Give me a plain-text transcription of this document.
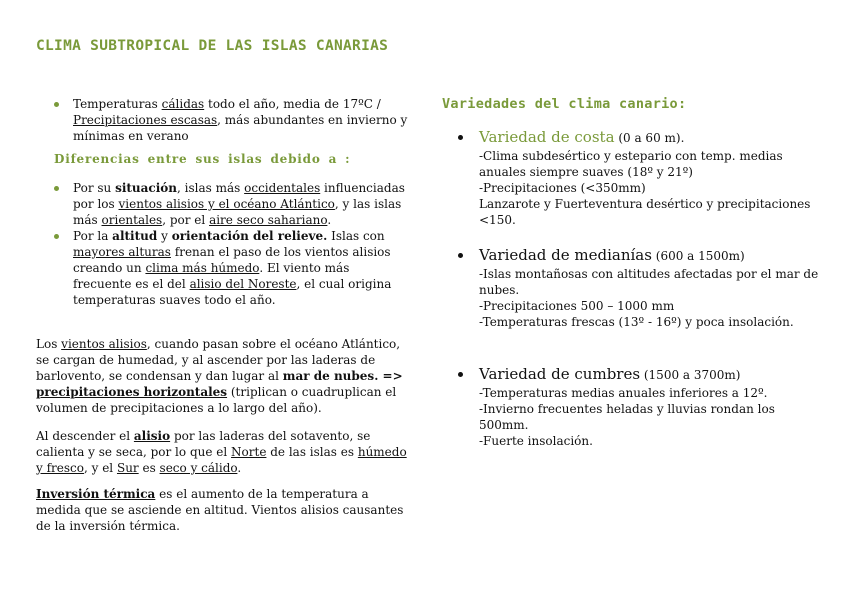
CLIMA SUBTROPICAL DE LAS ISLAS CANARIAS
Temperaturas cálidas todo el año, media de 17ºC / Precipitaciones escasas, más abundantes en invierno y mínimas en verano
Diferencias entre sus islas debido a :
Por su situación, islas más occidentales influenciadas por los vientos alisios y el océano Atlántico, y las islas más orientales, por el aire seco sahariano.
Por la altitud y orientación del relieve. Islas con mayores alturas frenan el paso de los vientos alisios creando un clima más húmedo. El viento más frecuente es el del alisio del Noreste, el cual origina temperaturas suaves todo el año.
Los vientos alisios, cuando pasan sobre el océano Atlántico, se cargan de humedad, y al ascender por las laderas de barlovento, se condensan y dan lugar al mar de nubes. => precipitaciones horizontales (triplican o cuadruplican el volumen de precipitaciones a lo largo del año).
Al descender el alisio por las laderas del sotavento, se calienta y se seca, por lo que el Norte de las islas es húmedo y fresco, y el Sur es seco y cálido.
Inversión térmica es el aumento de la temperatura a medida que se asciende en altitud. Vientos alisios causantes de la inversión térmica.
Variedades del clima canario:
Variedad de costa (0 a 60 m).
-Clima subdesértico y estepario con temp. medias anuales siempre suaves (18º y 21º)
-Precipitaciones (<350mm)
Lanzarote y Fuerteventura desértico y precipitaciones <150.
Variedad de medianías (600 a 1500m)
-Islas montañosas con altitudes afectadas por el mar de nubes.
-Precipitaciones 500 – 1000 mm
-Temperaturas frescas (13º - 16º) y poca insolación.
Variedad de cumbres (1500 a 3700m)
-Temperaturas medias anuales inferiores a 12º.
-Invierno frecuentes heladas y lluvias rondan los 500mm.
-Fuerte insolación.
